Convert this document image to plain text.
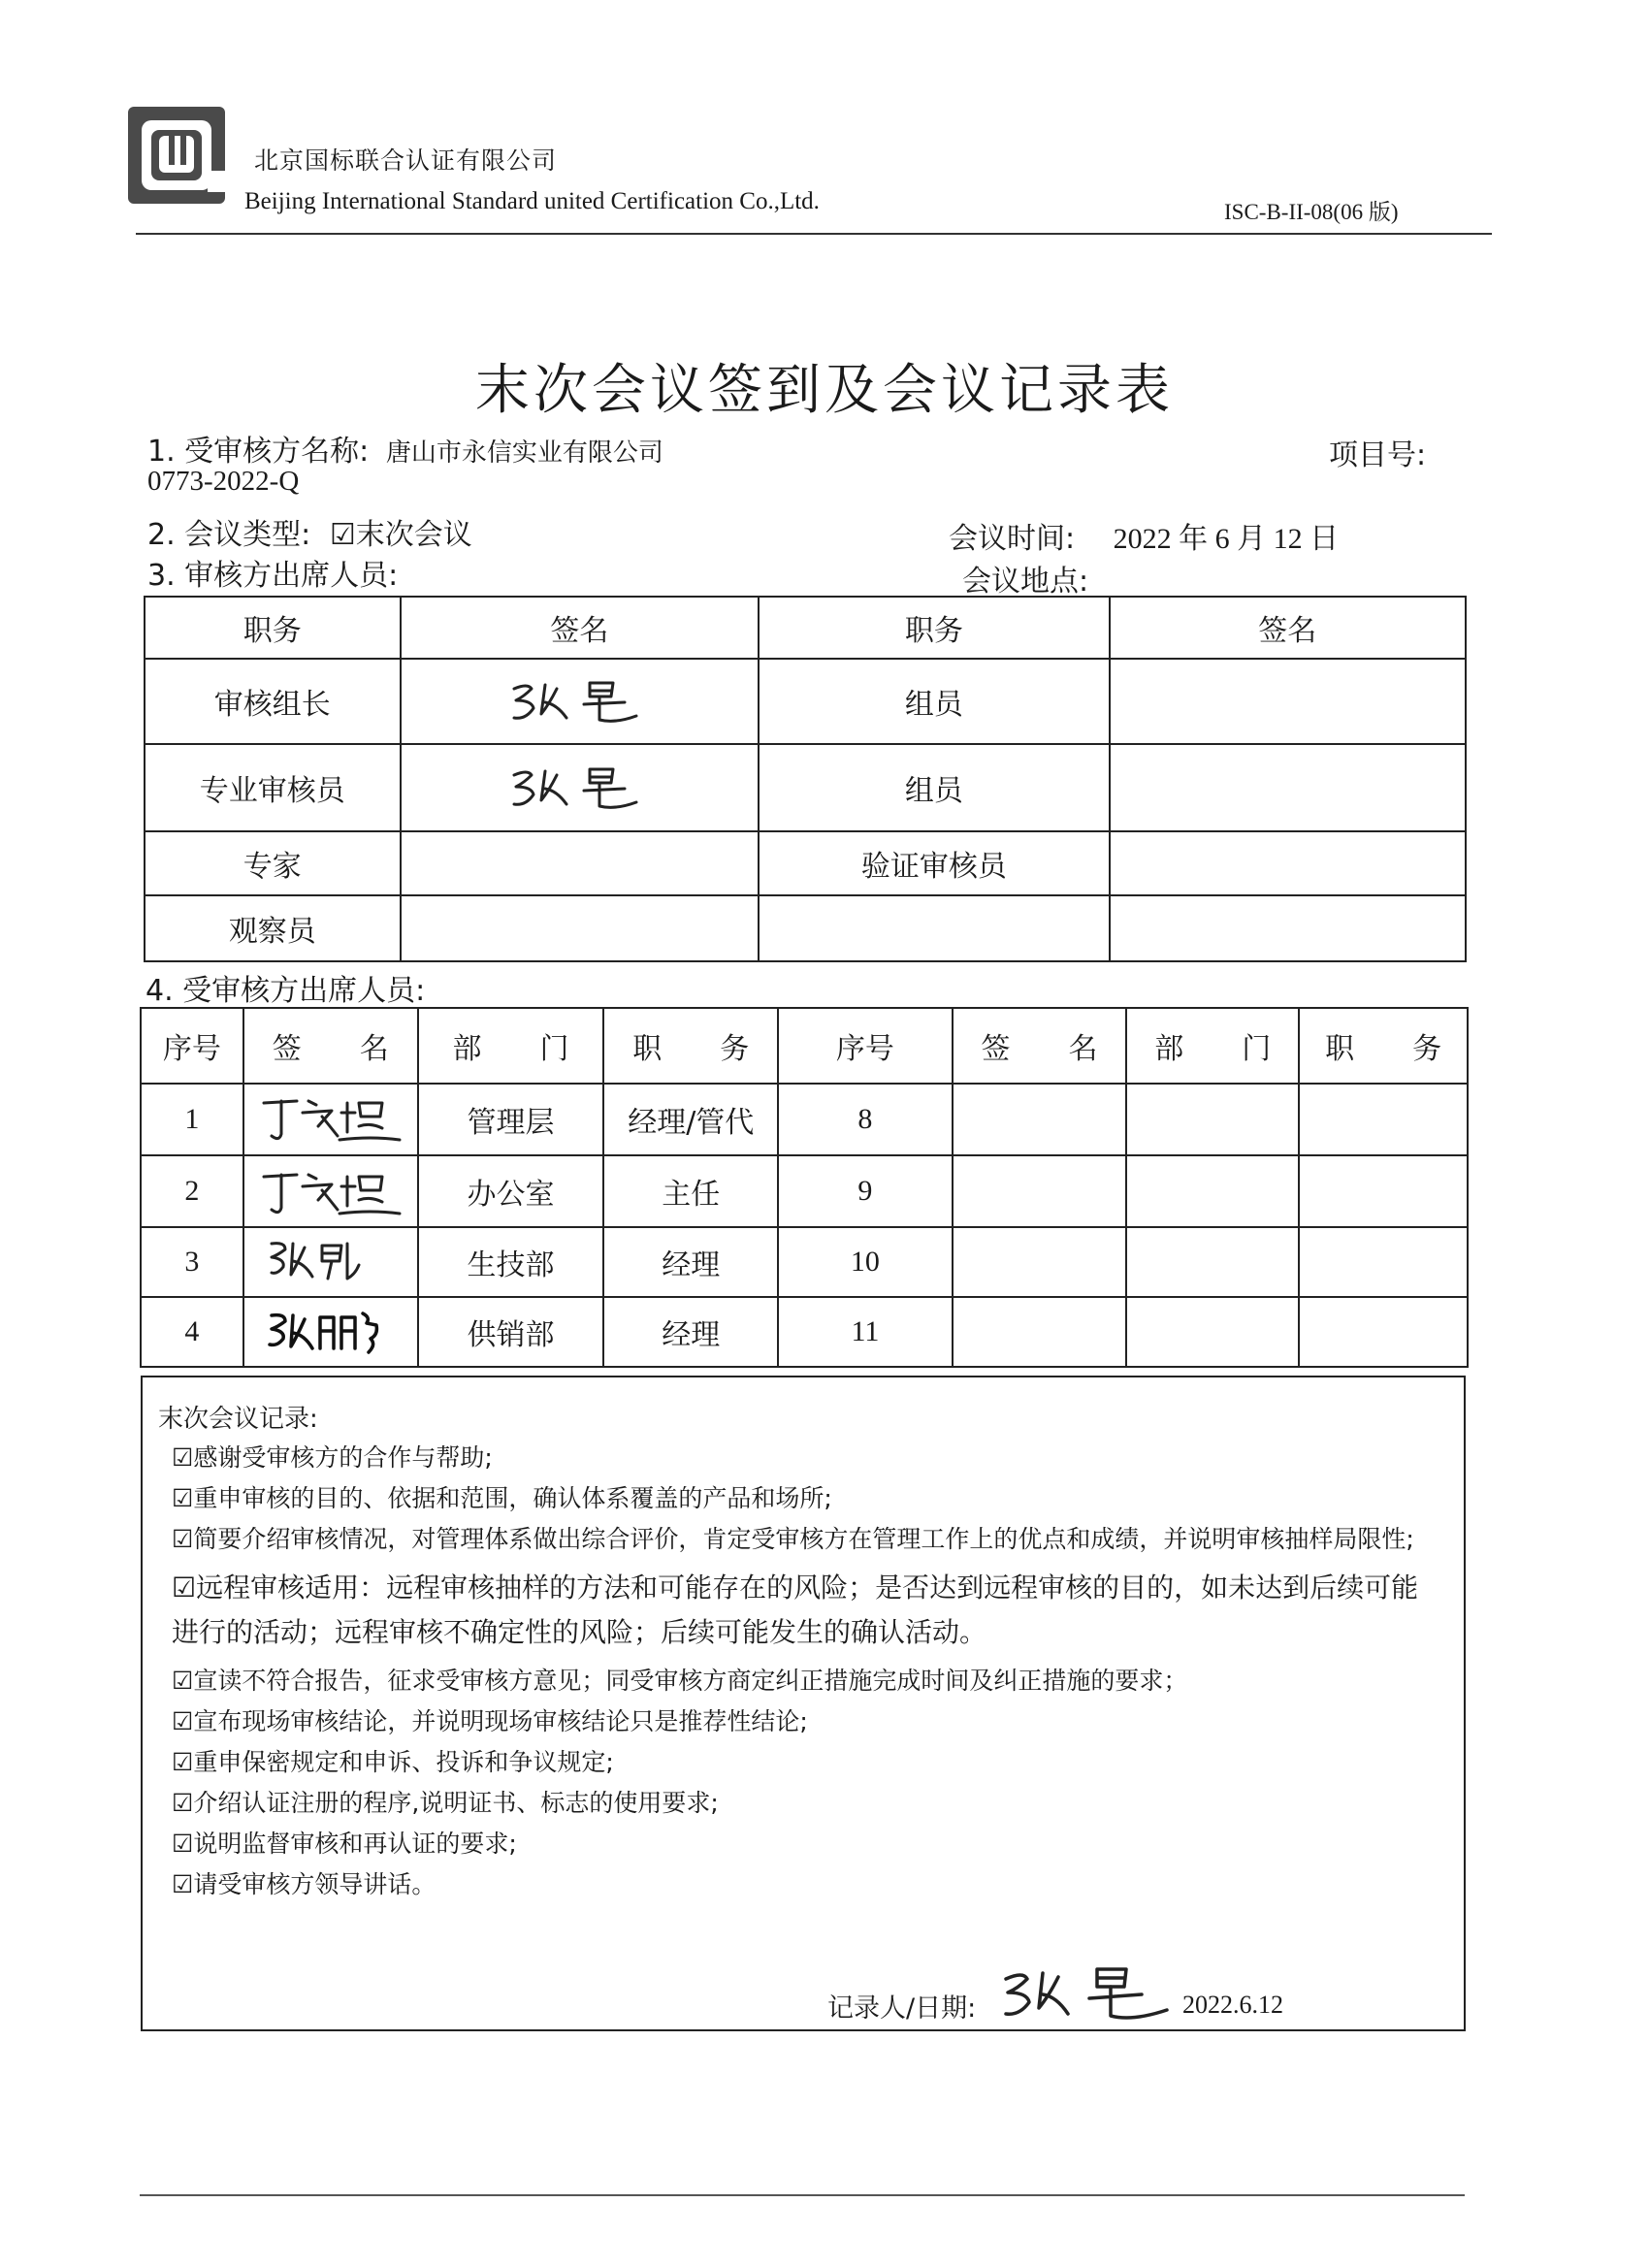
北京国标联合认证有限公司
Beijing International Standard united Certification Co.,Ltd.	ISC-B-II-08(06 版)
末次会议签到及会议记录表
1. 受审核方名称: 唐山市永信实业有限公司	项目号:
0773-2022-Q
2. 会议类型: ☑末次会议	会议时间: 2022 年 6 月 12 日
3. 审核方出席人员:	会议地点:
职务	签名	职务	签名
审核组长		组员	
专业审核员		组员	
专家		验证审核员	
观察员			
4. 受审核方出席人员:
序号	签　　名	部　　门	职　　务	序号	签　　名	部　　门	职　　务
1		管理层	经理/管代	8			
2		办公室	主任	9			
3		生技部	经理	10			
4		供销部	经理	11			
末次会议记录:
☑感谢受审核方的合作与帮助;
☑重申审核的目的、依据和范围，确认体系覆盖的产品和场所;
☑简要介绍审核情况，对管理体系做出综合评价，肯定受审核方在管理工作上的优点和成绩，并说明审核抽样局限性;
☑远程审核适用：远程审核抽样的方法和可能存在的风险；是否达到远程审核的目的，如未达到后续可能进行的活动；远程审核不确定性的风险；后续可能发生的确认活动。
☑宣读不符合报告，征求受审核方意见；同受审核方商定纠正措施完成时间及纠正措施的要求；
☑宣布现场审核结论，并说明现场审核结论只是推荐性结论;
☑重申保密规定和申诉、投诉和争议规定;
☑介绍认证注册的程序,说明证书、标志的使用要求;
☑说明监督审核和再认证的要求;
☑请受审核方领导讲话。
记录人/日期:	2022.6.12
